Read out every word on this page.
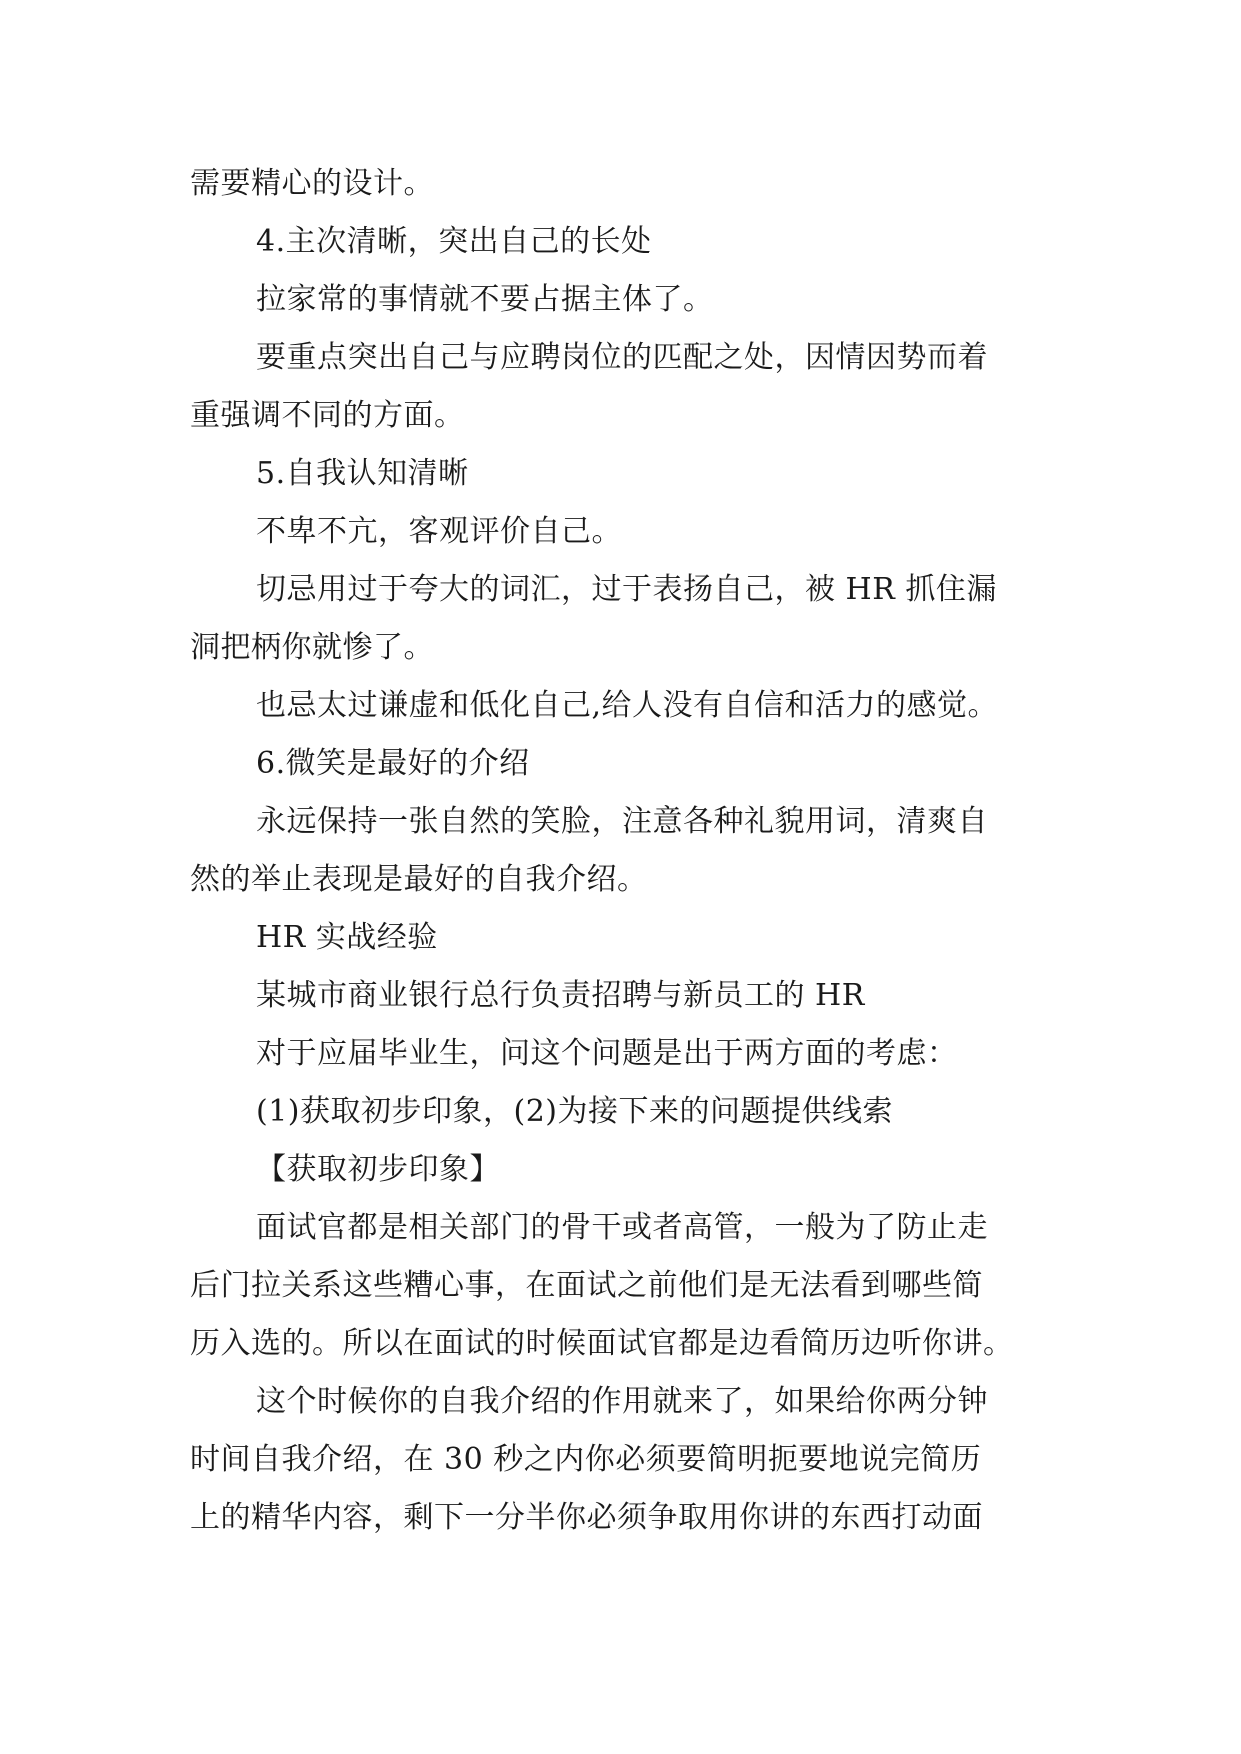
需要精心的设计。
4.主次清晰，突出自己的长处
拉家常的事情就不要占据主体了。
要重点突出自己与应聘岗位的匹配之处，因情因势而着
重强调不同的方面。
5.自我认知清晰
不卑不亢，客观评价自己。
切忌用过于夸大的词汇，过于表扬自己，被 HR 抓住漏
洞把柄你就惨了。
也忌太过谦虚和低化自己,给人没有自信和活力的感觉。
6.微笑是最好的介绍
永远保持一张自然的笑脸，注意各种礼貌用词，清爽自
然的举止表现是最好的自我介绍。
HR 实战经验
某城市商业银行总行负责招聘与新员工的 HR
对于应届毕业生，问这个问题是出于两方面的考虑：
(1)获取初步印象，(2)为接下来的问题提供线索
【获取初步印象】
面试官都是相关部门的骨干或者高管，一般为了防止走
后门拉关系这些糟心事，在面试之前他们是无法看到哪些简
历入选的。所以在面试的时候面试官都是边看简历边听你讲。
这个时候你的自我介绍的作用就来了，如果给你两分钟
时间自我介绍，在 30 秒之内你必须要简明扼要地说完简历
上的精华内容，剩下一分半你必须争取用你讲的东西打动面
